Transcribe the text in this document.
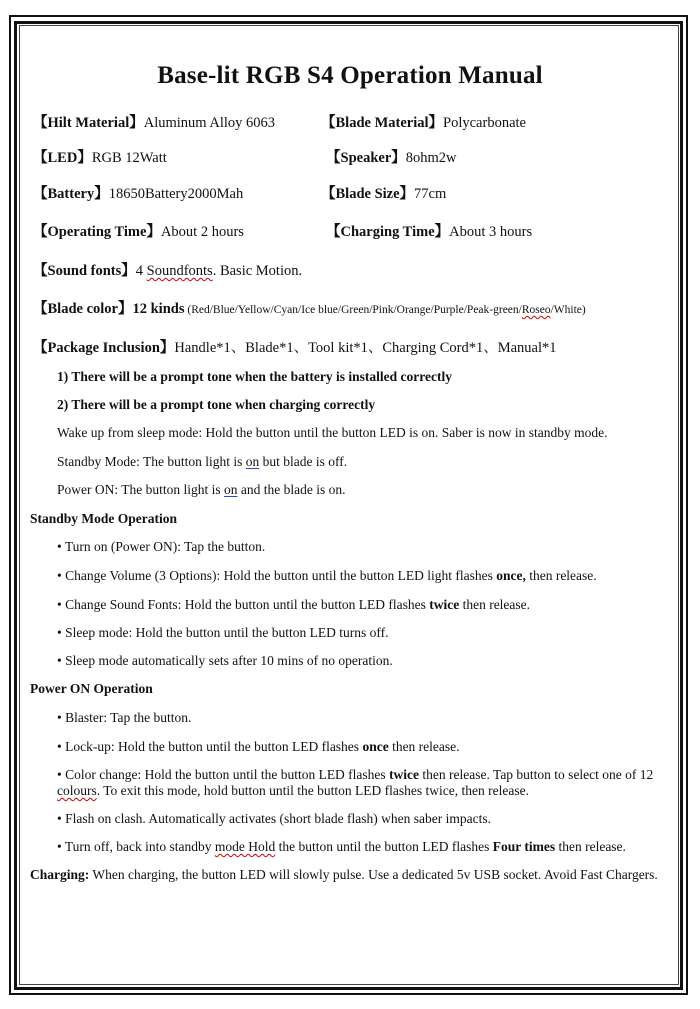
Base-lit RGB S4 Operation Manual
【Hilt Material】Aluminum Alloy 6063	【Blade Material】Polycarbonate
【LED】RGB 12Watt	【Speaker】8ohm2w
【Battery】18650Battery2000Mah	【Blade Size】77cm
【Operating Time】About 2 hours	【Charging Time】About 3 hours
【Sound fonts】4 Soundfonts. Basic Motion.
【Blade color】12 kinds (Red/Blue/Yellow/Cyan/Ice blue/Green/Pink/Orange/Purple/Peak-green/Roseo/White)
【Package Inclusion】Handle*1、Blade*1、Tool kit*1、Charging Cord*1、Manual*1
1) There will be a prompt tone when the battery is installed correctly
2) There will be a prompt tone when charging correctly
Wake up from sleep mode: Hold the button until the button LED is on. Saber is now in standby mode.
Standby Mode: The button light is on but blade is off.
Power ON: The button light is on and the blade is on.
Standby Mode Operation
• Turn on (Power ON): Tap the button.
• Change Volume (3 Options): Hold the button until the button LED light flashes once, then release.
• Change Sound Fonts: Hold the button until the button LED flashes twice then release.
• Sleep mode: Hold the button until the button LED turns off.
• Sleep mode automatically sets after 10 mins of no operation.
Power ON Operation
• Blaster: Tap the button.
• Lock-up: Hold the button until the button LED flashes once then release.
• Color change: Hold the button until the button LED flashes twice then release. Tap button to select one of 12 colours. To exit this mode, hold button until the button LED flashes twice, then release.
• Flash on clash. Automatically activates (short blade flash) when saber impacts.
• Turn off, back into standby mode Hold the button until the button LED flashes Four times then release.
Charging: When charging, the button LED will slowly pulse. Use a dedicated 5v USB socket. Avoid Fast Chargers.
